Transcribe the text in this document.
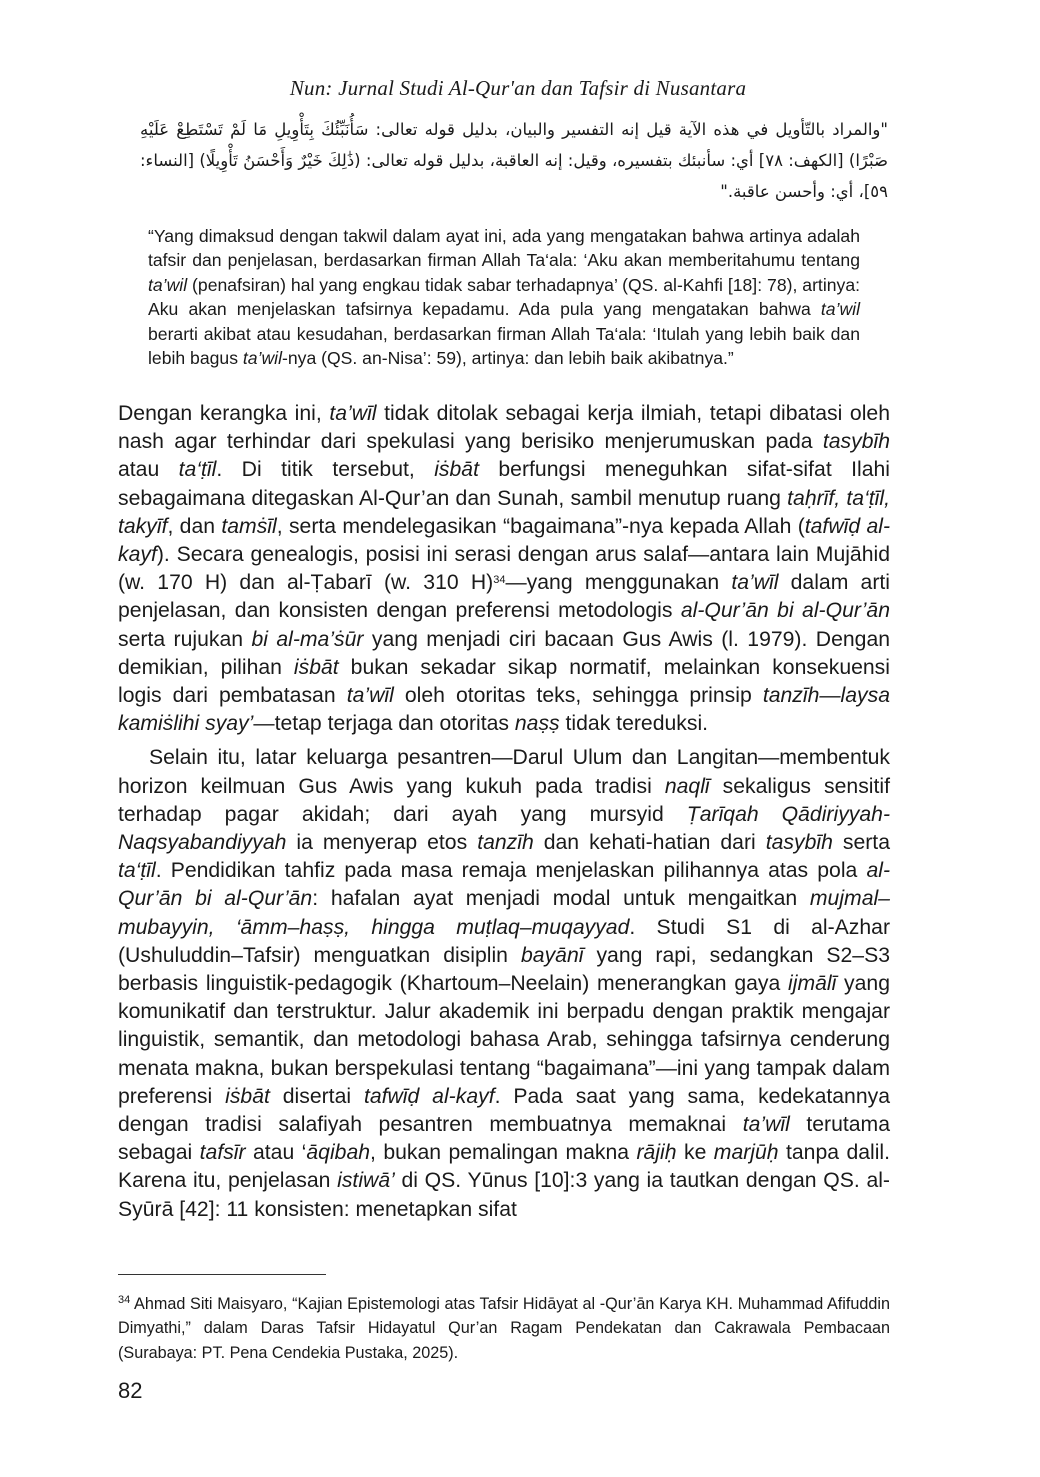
Nun: Jurnal Studi Al-Qur'an dan Tafsir di Nusantara
"والمراد بالتّأويل في هذه الآية قيل إنه التفسير والبيان، بدليل قوله تعالى: سَأُنَبِّئُكَ بِتَأْوِيلِ مَا لَمْ تَسْتَطِعْ عَلَيْهِ صَبْرًا) [الكهف: ٧٨] أي: سأنبئك بتفسيره، وقيل: إنه العاقبة، بدليل قوله تعالى: (ذَٰلِكَ خَيْرٌ وَأَحْسَنُ تَأْوِيلًا) [النساء: ٥٩]، أي: وأحسن عاقبة."
“Yang dimaksud dengan takwil dalam ayat ini, ada yang mengatakan bahwa artinya adalah tafsir dan penjelasan, berdasarkan firman Allah Ta‘ala: ‘Aku akan memberitahumu tentang ta’wil (penafsiran) hal yang engkau tidak sabar terhadapnya’ (QS. al-Kahfi [18]: 78), artinya: Aku akan menjelaskan tafsirnya kepadamu. Ada pula yang mengatakan bahwa ta’wil berarti akibat atau kesudahan, berdasarkan firman Allah Ta‘ala: ‘Itulah yang lebih baik dan lebih bagus ta’wil-nya (QS. an-Nisa’: 59), artinya: dan lebih baik akibatnya.”

Dengan kerangka ini, ta’wīl tidak ditolak sebagai kerja ilmiah, tetapi dibatasi oleh nash agar terhindar dari spekulasi yang berisiko menjerumuskan pada tasybīh atau ta‘ṭīl. Di titik tersebut, iṡbāt berfungsi meneguhkan sifat-sifat Ilahi sebagaimana ditegaskan Al-Qur’an dan Sunah, sambil menutup ruang taḥrīf, ta‘ṭīl, takyīf, dan tamṡīl, serta mendelegasikan “bagaimana”-nya kepada Allah (tafwīḍ al-kayf). Secara genealogis, posisi ini serasi dengan arus salaf—antara lain Mujāhid (w. 170 H) dan al-Ṭabarī (w. 310 H)$^{34}$—yang menggunakan ta’wīl dalam arti penjelasan, dan konsisten dengan preferensi metodologis al-Qur’ān bi al-Qur’ān serta rujukan bi al-ma’ṡūr yang menjadi ciri bacaan Gus Awis (l. 1979). Dengan demikian, pilihan iṡbāt bukan sekadar sikap normatif, melainkan konsekuensi logis dari pembatasan ta’wīl oleh otoritas teks, sehingga prinsip tanzīh—laysa kamiṡlihi syay’—tetap terjaga dan otoritas naṣṣ tidak tereduksi.

Selain itu, latar keluarga pesantren—Darul Ulum dan Langitan—membentuk horizon keilmuan Gus Awis yang kukuh pada tradisi naqlī sekaligus sensitif terhadap pagar akidah; dari ayah yang mursyid Ṭarīqah Qādiriyyah-Naqsyabandiyyah ia menyerap etos tanzīh dan kehati-hatian dari tasybīh serta ta‘ṭīl. Pendidikan tahfiz pada masa remaja menjelaskan pilihannya atas pola al-Qur’ān bi al-Qur’ān: hafalan ayat menjadi modal untuk mengaitkan mujmal–mubayyin, ‘āmm–haṣṣ, hingga muṭlaq–muqayyad. Studi S1 di al-Azhar (Ushuluddin–Tafsir) menguatkan disiplin bayānī yang rapi, sedangkan S2–S3 berbasis linguistik-pedagogik (Khartoum–Neelain) menerangkan gaya ijmālī yang komunikatif dan terstruktur. Jalur akademik ini berpadu dengan praktik mengajar linguistik, semantik, dan metodologi bahasa Arab, sehingga tafsirnya cenderung menata makna, bukan berspekulasi tentang “bagaimana”—ini yang tampak dalam preferensi iṡbāt disertai tafwīḍ al-kayf. Pada saat yang sama, kedekatannya dengan tradisi salafiyah pesantren membuatnya memaknai ta’wīl terutama sebagai tafsīr atau ‘āqibah, bukan pemalingan makna rājiḥ ke marjūḥ tanpa dalil. Karena itu, penjelasan istiwā’ di QS. Yūnus [10]:3 yang ia tautkan dengan QS. al-Syūrā [42]: 11 konsisten: menetapkan sifat

$^{34}$ Ahmad Siti Maisyaro, “Kajian Epistemologi atas Tafsir Hidāyat al -Qur’ān Karya KH. Muhammad Afifuddin Dimyathi,” dalam Daras Tafsir Hidayatul Qur’an Ragam Pendekatan dan Cakrawala Pembacaan (Surabaya: PT. Pena Cendekia Pustaka, 2025).
82
